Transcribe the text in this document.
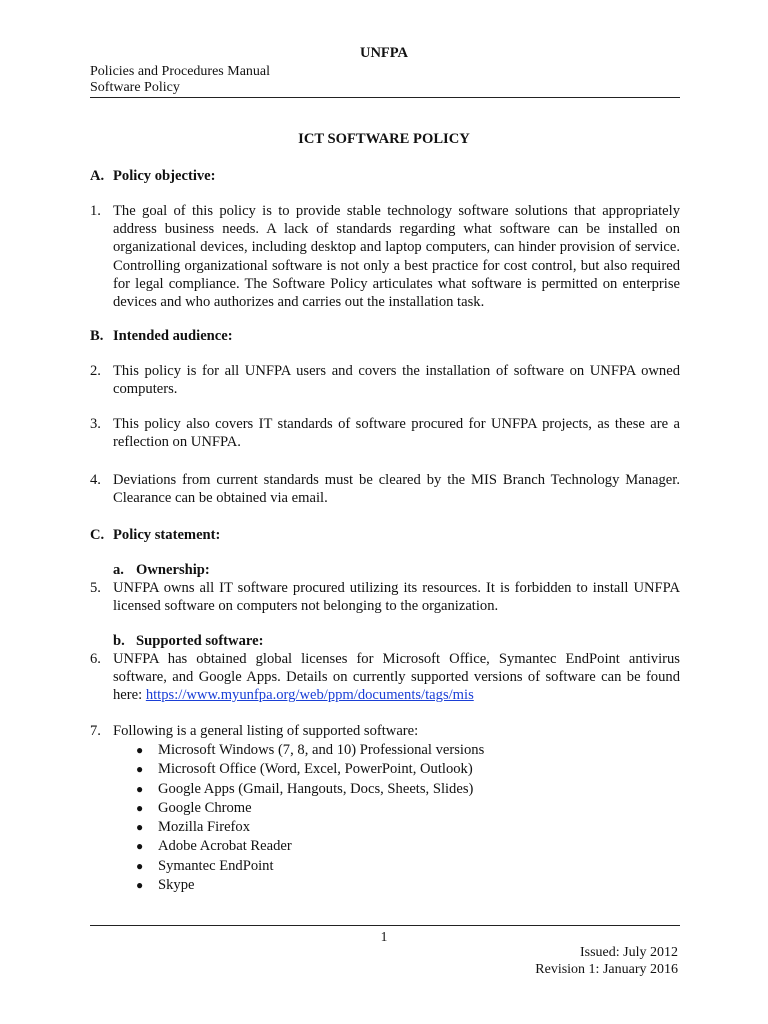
UNFPA
Policies and Procedures Manual
Software Policy
ICT SOFTWARE POLICY
A. Policy objective:
1. The goal of this policy is to provide stable technology software solutions that appropriately address business needs. A lack of standards regarding what software can be installed on organizational devices, including desktop and laptop computers, can hinder provision of service. Controlling organizational software is not only a best practice for cost control, but also required for legal compliance. The Software Policy articulates what software is permitted on enterprise devices and who authorizes and carries out the installation task.
B. Intended audience:
2. This policy is for all UNFPA users and covers the installation of software on UNFPA owned computers.
3. This policy also covers IT standards of software procured for UNFPA projects, as these are a reflection on UNFPA.
4. Deviations from current standards must be cleared by the MIS Branch Technology Manager. Clearance can be obtained via email.
C. Policy statement:
a. Ownership:
5. UNFPA owns all IT software procured utilizing its resources. It is forbidden to install UNFPA licensed software on computers not belonging to the organization.
b. Supported software:
6. UNFPA has obtained global licenses for Microsoft Office, Symantec EndPoint antivirus software, and Google Apps. Details on currently supported versions of software can be found here: https://www.myunfpa.org/web/ppm/documents/tags/mis
7. Following is a general listing of supported software:
● Microsoft Windows (7, 8, and 10) Professional versions
● Microsoft Office (Word, Excel, PowerPoint, Outlook)
● Google Apps (Gmail, Hangouts, Docs, Sheets, Slides)
● Google Chrome
● Mozilla Firefox
● Adobe Acrobat Reader
● Symantec EndPoint
● Skype
1
Issued: July 2012
Revision 1: January 2016
